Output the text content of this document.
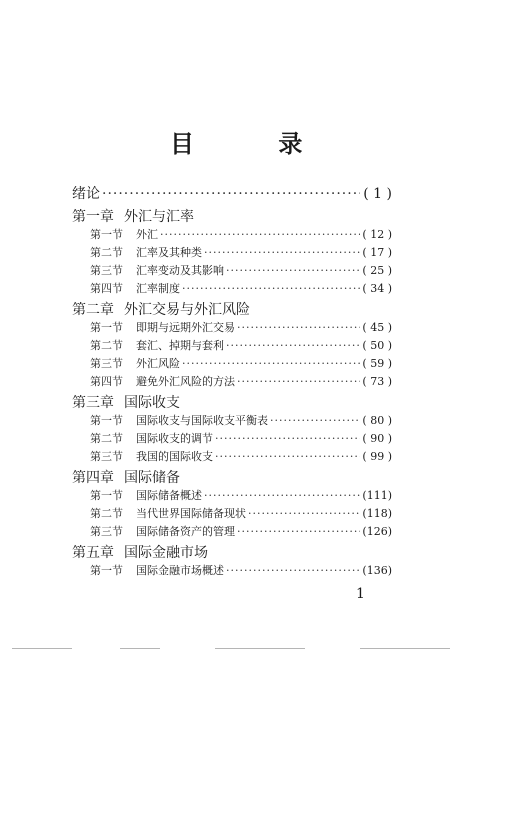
目 录
绪论 ·····	( 1 )
第一章 外汇与汇率
第一节	外汇 ·····	( 12 )
第二节	汇率及其种类 ·····	( 17 )
第三节	汇率变动及其影响 ·····	( 25 )
第四节	汇率制度 ·····	( 34 )
第二章 外汇交易与外汇风险
第一节	即期与远期外汇交易 ·····	( 45 )
第二节	套汇、掉期与套利 ·····	( 50 )
第三节	外汇风险 ·····	( 59 )
第四节	避免外汇风险的方法 ·····	( 73 )
第三章 国际收支
第一节	国际收支与国际收支平衡表 ·····	( 80 )
第二节	国际收支的调节 ·····	( 90 )
第三节	我国的国际收支 ·····	( 99 )
第四章 国际储备
第一节	国际储备概述 ·····	(111)
第二节	当代世界国际储备现状 ·····	(118)
第三节	国际储备资产的管理 ·····	(126)
第五章 国际金融市场
第一节	国际金融市场概述 ·····	(136)
1
